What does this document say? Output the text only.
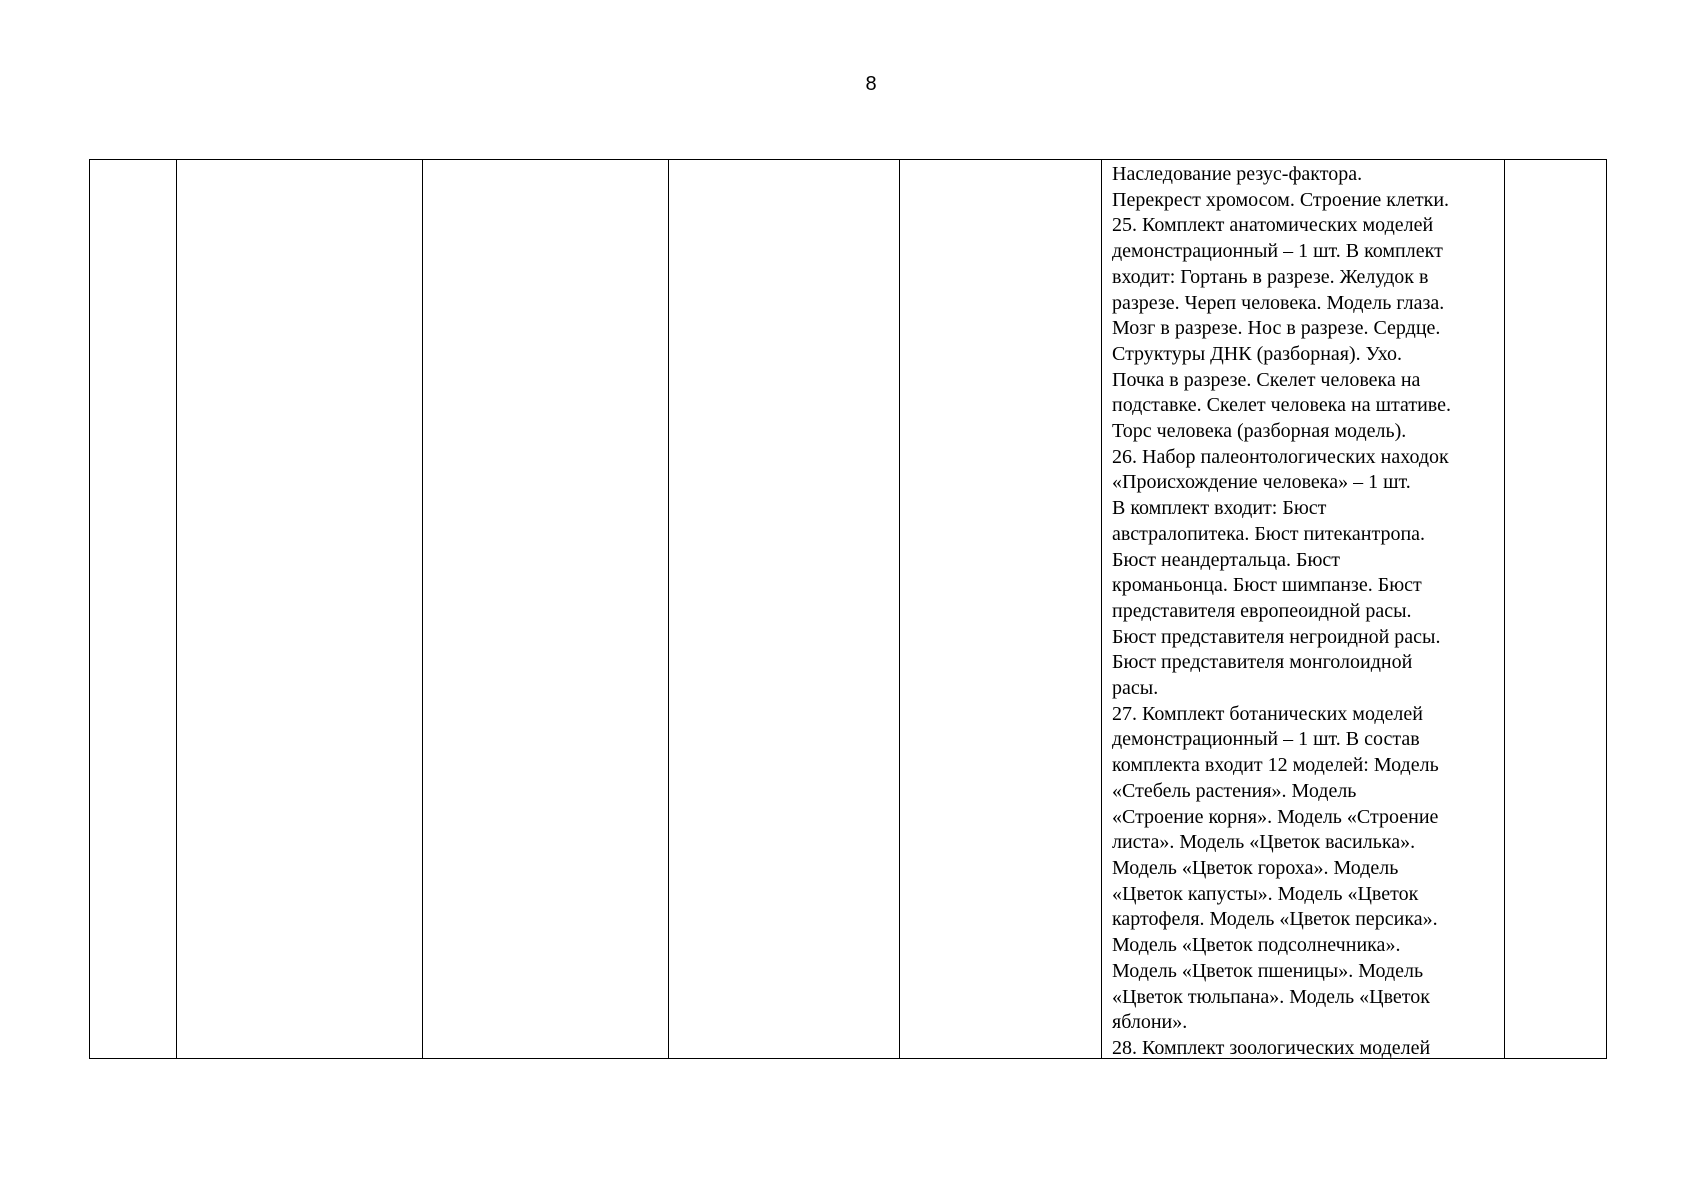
8

Наследование резус-фактора.

Перекрест хромосом. Строение клетки.

25. Комплект анатомических моделей

демонстрационный – 1 шт. В комплект

входит: Гортань в разрезе. Желудок в

разрезе. Череп человека. Модель глаза.

Мозг в разрезе. Нос в разрезе. Сердце.

Структуры ДНК (разборная). Ухо.

Почка в разрезе. Скелет человека на

подставке. Скелет человека на штативе.

Торс человека (разборная модель).

26. Набор палеонтологических находок

«Происхождение человека» – 1 шт.

В комплект входит: Бюст

австралопитека. Бюст питекантропа.

Бюст неандертальца. Бюст

кроманьонца. Бюст шимпанзе. Бюст

представителя европеоидной расы.

Бюст представителя негроидной расы.

Бюст представителя монголоидной

расы.

27. Комплект ботанических моделей

демонстрационный – 1 шт. В состав

комплекта входит 12 моделей: Модель

«Стебель растения». Модель

«Строение корня». Модель «Строение

листа». Модель «Цветок василька».

Модель «Цветок гороха». Модель

«Цветок капусты». Модель «Цветок

картофеля. Модель «Цветок персика».

Модель «Цветок подсолнечника».

Модель «Цветок пшеницы». Модель

«Цветок тюльпана». Модель «Цветок

яблони».

28. Комплект зоологических моделей
